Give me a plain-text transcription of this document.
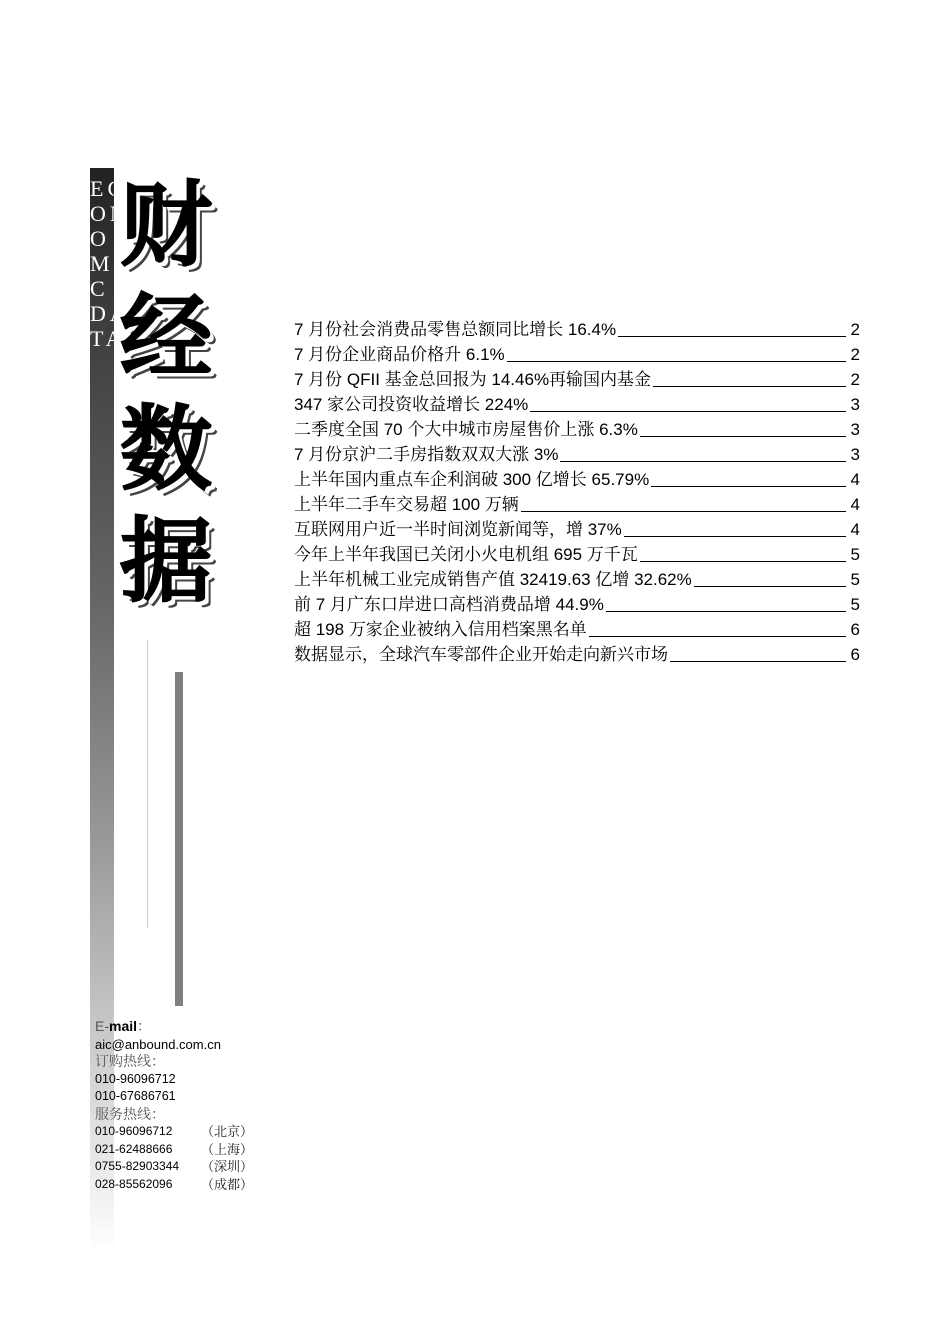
EC
ON
O
MI
C
DA
TA
财
经
数
据
7 月份社会消费品零售总额同比增长 16.4%	2
7 月份企业商品价格升 6.1%	2
7 月份 QFII 基金总回报为 14.46%再输国内基金	2
347 家公司投资收益增长 224%	3
二季度全国 70 个大中城市房屋售价上涨 6.3%	3
7 月份京沪二手房指数双双大涨 3%	3
上半年国内重点车企利润破 300 亿增长 65.79%	4
上半年二手车交易超 100 万辆	4
互联网用户近一半时间浏览新闻等，增 37%	4
今年上半年我国已关闭小火电机组 695 万千瓦	5
上半年机械工业完成销售产值 32419.63 亿增 32.62%	5
前 7 月广东口岸进口高档消费品增 44.9%	5
超 198 万家企业被纳入信用档案黑名单	6
数据显示，全球汽车零部件企业开始走向新兴市场	6
E-mail：
aic@anbound.com.cn
订购热线：
010-96096712
010-67686761
服务热线：
010-96096712	（北京）
021-62488666	（上海）
0755-82903344	（深圳）
028-85562096	（成都）
